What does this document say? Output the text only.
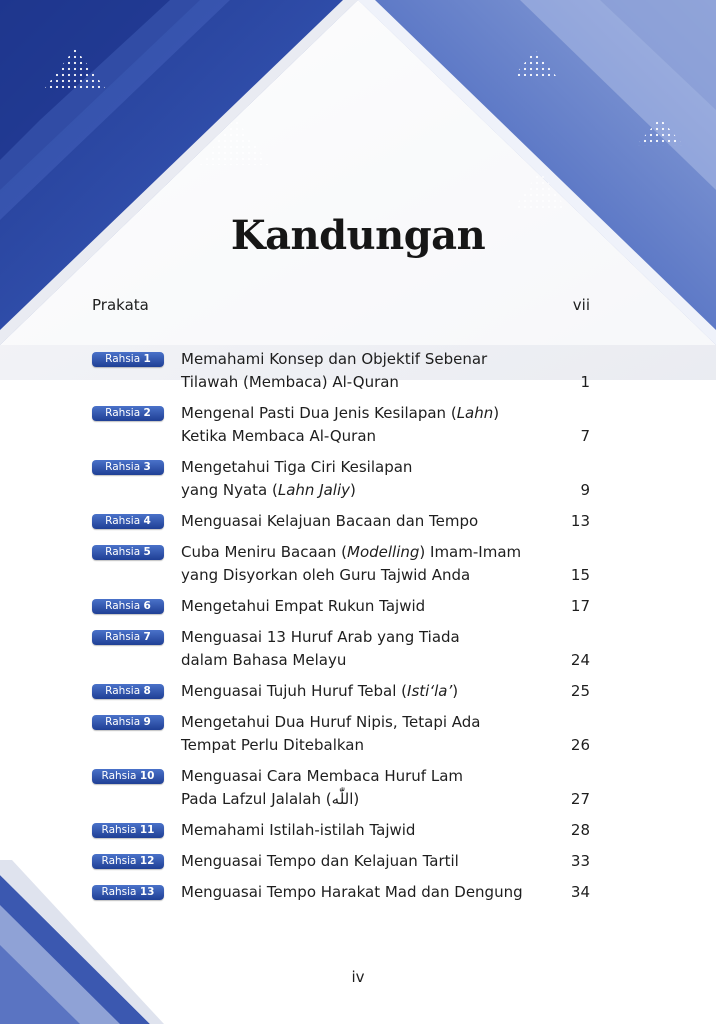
Kandungan
Prakata	vii
Rahsia 1	Memahami Konsep dan Objektif Sebenar
Tilawah (Membaca) Al-Quran	1
Rahsia 2	Mengenal Pasti Dua Jenis Kesilapan (Lahn)
Ketika Membaca Al-Quran	7
Rahsia 3	Mengetahui Tiga Ciri Kesilapan
yang Nyata (Lahn Jaliy)	9
Rahsia 4	Menguasai Kelajuan Bacaan dan Tempo	13
Rahsia 5	Cuba Meniru Bacaan (Modelling) Imam-Imam
yang Disyorkan oleh Guru Tajwid Anda	15
Rahsia 6	Mengetahui Empat Rukun Tajwid	17
Rahsia 7	Menguasai 13 Huruf Arab yang Tiada
dalam Bahasa Melayu	24
Rahsia 8	Menguasai Tujuh Huruf Tebal (Isti‘la’)	25
Rahsia 9	Mengetahui Dua Huruf Nipis, Tetapi Ada
Tempat Perlu Ditebalkan	26
Rahsia 10	Menguasai Cara Membaca Huruf Lam
Pada Lafzul Jalalah (اللّٰه)	27
Rahsia 11	Memahami Istilah-istilah Tajwid	28
Rahsia 12	Menguasai Tempo dan Kelajuan Tartil	33
Rahsia 13	Menguasai Tempo Harakat Mad dan Dengung	34
iv
